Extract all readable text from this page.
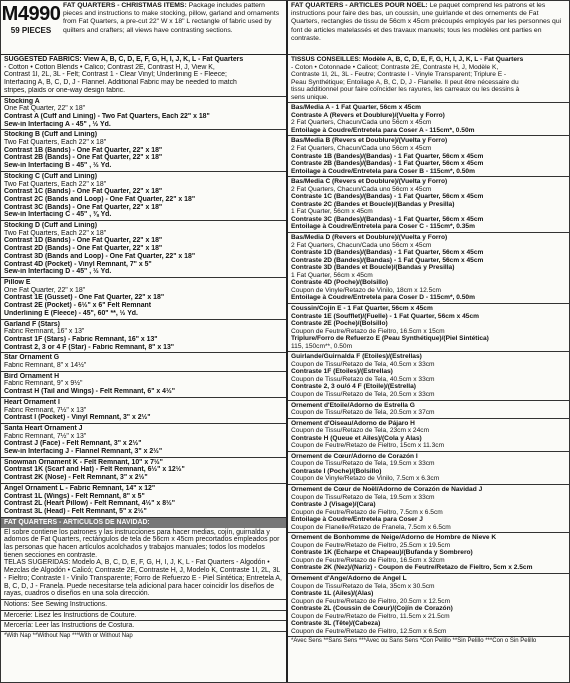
M4990
59 PIECES
FAT QUARTERS - CHRISTMAS ITEMS: Package includes pattern pieces and instructions to make stocking, pillow, garland and ornaments from Fat Quarters, a pre-cut 22" W x 18" L rectangle of fabric used by quilters and crafters; all views have contrasting sections.
SUGGESTED FABRICS: View A, B, C, D, E, F, G, H, I, J, K, L - Fat Quarters
- Cotton • Cotton Blends • Calico; Contrast 2E, Contrast H, J, View K,
Contrast 1I, 2L, 3L - Felt; Contrast 1 - Clear Vinyl; Underlining E - Fleece;
Interfacing A, B, C, D, J - Flannel. Additional Fabric may be needed to match
stripes, plaids or one-way design fabric.
Stocking A
One Fat Quarter, 22" x 18"
Contrast A (Cuff and Lining) - Two Fat Quarters, Each 22" x 18"
Sew-in Interfacing A - 45" , ½ Yd.
Stocking B (Cuff and Lining)
Two Fat Quarters, Each 22" x 18"
Contrast 1B (Bands) - One Fat Quarter, 22" x 18"
Contrast 2B (Bands) - One Fat Quarter, 22" x 18"
Sew-in Interfacing B - 45" , ½ Yd.
Stocking C (Cuff and Lining)
Two Fat Quarters, Each 22" x 18"
Contrast 1C (Bands) - One Fat Quarter, 22" x 18"
Contrast 2C (Bands and Loop) - One Fat Quarter, 22" x 18"
Contrast 3C (Bands) - One Fat Quarter, 22" x 18"
Sew-in Interfacing C - 45" , ⅜ Yd.
Stocking D (Cuff and Lining)
Two Fat Quarters, Each 22" x 18"
Contrast 1D (Bands) - One Fat Quarter, 22" x 18"
Contrast 2D (Bands) - One Fat Quarter, 22" x 18"
Contrast 3D (Bands and Loop) - One Fat Quarter, 22" x 18"
Contrast 4D (Pocket) - Vinyl Remnant, 7" x 5"
Sew-in Interfacing D - 45" , ½ Yd.
Pillow E
One Fat Quarter, 22" x 18"
Contrast 1E (Gusset) - One Fat Quarter, 22" x 18"
Contrast 2E (Pocket) - 6½" x 6" Felt Remnant
Underlining E (Fleece) - 45", 60" **, ½ Yd.
Garland F (Stars)
Fabric Remnant, 16" x 13"
Contrast 1F (Stars) - Fabric Remnant, 16" x 13"
Contrast 2, 3 or 4 F (Star) - Fabric Remnant, 8" x 13"
Star Ornament G
Fabric Remnant, 8" x 14½"
Bird Ornament H
Fabric Remnant, 9" x 9½"
Contrast H (Tail and Wings) - Felt Remnant, 6" x 4½"
Heart Ornament I
Fabric Remnant, 7½" x 13"
Contrast I (Pocket) - Vinyl Remnant, 3" x 2½"
Santa Heart Ornament J
Fabric Remnant, 7½" x 13"
Contrast J (Face) - Felt Remnant, 3" x 2½"
Sew-in Interfacing J - Flannel Remnant, 3" x 2½"
Snowman Ornament K - Felt Remnant, 10" x 7½"
Contrast 1K (Scarf and Hat) - Felt Remnant, 6½" x 12½"
Contrast 2K (Nose) - Felt Remnant, 3" x 2½"
Angel Ornament L - Fabric Remnant, 14" x 12"
Contrast 1L (Wings) - Felt Remnant, 8" x 5"
Contrast 2L (Heart Pillow) - Felt Remnant, 4½" x 8½"
Contrast 3L (Head) - Felt Remnant, 5" x 2½"
FAT QUARTERS - ARTICULOS DE NAVIDAD:
El sobre contiene los patrones y las instrucciones para hacer medias, cojín, guirnalda y adornos de Fat Quarters, rectángulos de tela de 56cm x 45cm precortados empleados por las personas que hacen artículos acolchados y trabajos manuales; todos los modelos tienen secciones en contraste.
TELAS SUGERIDAS: Modelo A, B, C, D, E, F, G, H, I, J, K, L - Fat Quarters - Algodón • Mezclas de Algodón • Calicó; Contraste 2E, Contraste H, J, Modelo K, Contraste 1I, 2L, 3L - Fieltro; Contraste I - Vinilo Transparente; Forro de Refuerzo E - Piel Sintética; Entretela A, B, C, D, J - Franela. Puede necesitarse tela adicional para hacer coincidir los diseños de rayas, cuadros o diseños en una sola dirección.
Notions: See Sewing Instructions.
Mercerie: Lisez les Instructions de Couture.
Mercería: Leer las Instructions de Costura.
*With Nap **Without Nap ***With or Without Nap
FAT QUARTERS - ARTICLES POUR NOEL: Le paquet comprend les patrons et les instructions pour faire des bas, un coussin, une guirlande et des ornements de Fat Quarters, rectangles de tissu de 56cm x 45cm précoupés employés par les personnes qui font de articles matelassés et des travaux manuels; tous les modèles ont parties en contraste.
TISSUS CONSEILLES: Modèle A, B, C, D, E, F, G, H, I, J, K, L - Fat Quarters
- Coton • Cotonnade • Calicot; Contraste 2E, Contraste H, J, Modèle K,
Contraste 1I, 2L, 3L - Feutre; Contraste I - Vinyle Transparent; Triplure E -
Peau Synthétique; Entoilage A, B, C, D, J - Flanelle. Il peut être nécessaire du
tissu additionnel pour faire coïncider les rayures, les carreaux ou les dessins à
sens unique.
Bas/Media A - 1 Fat Quarter, 56cm x 45cm
Contraste A (Revers et Doublure)/(Vuelta y Forro)
2 Fat Quarters, Chacun/Cada uno 56cm x 45cm
Entoilage à Coudre/Entretela para Coser A - 115cm*, 0.50m
Bas/Media B (Revers et Doublure)/(Vuelta y Forro)
2 Fat Quarters, Chacun/Cada uno 56cm x 45cm
Contraste 1B (Bandes)/(Bandas) - 1 Fat Quarter, 56cm x 45cm
Contraste 2B (Bandes)/(Bandas) - 1 Fat Quarter, 56cm x 45cm
Entoilage à Coudre/Entretela para Coser B - 115cm*, 0.50m
Bas/Media C (Revers et Doublure)/(Vuelta y Forro)
2 Fat Quarters, Chacun/Cada uno 56cm x 45cm
Contraste 1C (Bandes)/(Bandas) - 1 Fat Quarter, 56cm x 45cm
Contraste 2C (Bandes et Boucle)/(Bandas y Presilla)
1 Fat Quarter, 56cm x 45cm
Contraste 3C (Bandes)/(Bandas) - 1 Fat Quarter, 56cm x 45cm
Entoilage à Coudre/Entretela para Coser C - 115cm*, 0.35m
Bas/Media D (Revers et Doublure)/(Vuelta y Forro)
2 Fat Quarters, Chacun/Cada uno 56cm x 45cm
Contraste 1D (Bandes)/(Bandas) - 1 Fat Quarter, 56cm x 45cm
Contraste 2D (Bandes)/(Bandas) - 1 Fat Quarter, 56cm x 45cm
Contraste 3D (Bandes et Boucle)/(Bandas y Presilla)
1 Fat Quarter, 56cm x 45cm
Contraste 4D (Poche)/(Bolsillo)
Coupon de Vinyle/Retazo de Vinilo, 18cm x 12.5cm
Entoilage à Coudre/Entretela para Coser D - 115cm*, 0.50m
Coussin/Cojín E - 1 Fat Quarter, 56cm x 45cm
Contraste 1E (Soufflet)/(Fuelle) - 1 Fat Quarter, 56cm x 45cm
Contraste 2E (Poche)/(Bolsillo)
Coupon de Feutre/Retazo de Fieltro, 16.5cm x 15cm
Triplure/Forro de Refuerzo E (Peau Synthétique)/(Piel Sintética)
115, 150cm**, 0.50m
Guirlande/Guirnalda F (Etoiles)/(Estrellas)
Coupon de Tissu/Retazo de Tela, 40.5cm x 33cm
Contraste 1F (Etoiles)/(Estrellas)
Coupon de Tissu/Retazo de Tela, 40.5cm x 33cm
Contraste 2, 3 ou/ó 4 F (Etoile)/(Estrella)
Coupon de Tissu/Retazo de Tela, 20.5cm x 33cm
Ornement d'Etoile/Adorno de Estrella G
Coupon de Tissu/Retazo de Tela, 20.5cm x 37cm
Ornement d'Oiseau/Adorno de Pájaro H
Coupon de Tissu/Retazo de Tela, 23cm x 24cm
Contraste H (Queue et Ailes)/(Cola y Alas)
Coupon de Feutre/Retazo de Fieltro, 15cm x 11.3cm
Ornement de Cœur/Adorno de Corazón I
Coupon de Tissu/Retazo de Tela, 19.5cm x 33cm
Contraste I (Poche)/(Bolsillo)
Coupon de Vinyle/Retazo de Vinilo, 7.5cm x 6.3cm
Ornement de Cœur de Noël/Adorno de Corazón de Navidad J
Coupon de Tissu/Retazo de Tela, 19.5cm x 33cm
Contraste J (Visage)/(Cara)
Coupon de Feutre/Retazo de Fieltro, 7.5cm x 6.5cm
Entoilage à Coudre/Entretela para Coser J
Coupon de Flanelle/Retazo de Franela, 7.5cm x 6.5cm
Ornement de Bonhomme de Neige/Adorno de Hombre de Nieve K
Coupon de Feutre/Retazo de Fieltro, 25.5cm x 19.5cm
Contraste 1K (Echarpe et Chapeau)/(Bufanda y Sombrero)
Coupon de Feutre/Retazo de Fieltro, 16.5cm x 32cm
Contraste 2K (Nez)/(Nariz) - Coupon de Feutre/Retazo de Fieltro, 5cm x 2.5cm
Ornement d'Ange/Adorno de Angel L
Coupon de Tissu/Retazo de Tela, 35cm x 30.5cm
Contraste 1L (Ailes)/(Alas)
Coupon de Feutre/Retazo de Fieltro, 20.5cm x 12.5cm
Contraste 2L (Coussin de Cœur)/(Cojín de Corazón)
Coupon de Feutre/Retazo de Fieltro, 11.5cm x 21.5cm
Contraste 3L (Tête)/(Cabeza)
Coupon de Feutre/Retazo de Fieltro, 12.5cm x 6.5cm
*Avec Sens **Sans Sens ***Avec ou Sans Sens *Con Pelillo **Sin Pelillo ***Con o Sin Pelillo
